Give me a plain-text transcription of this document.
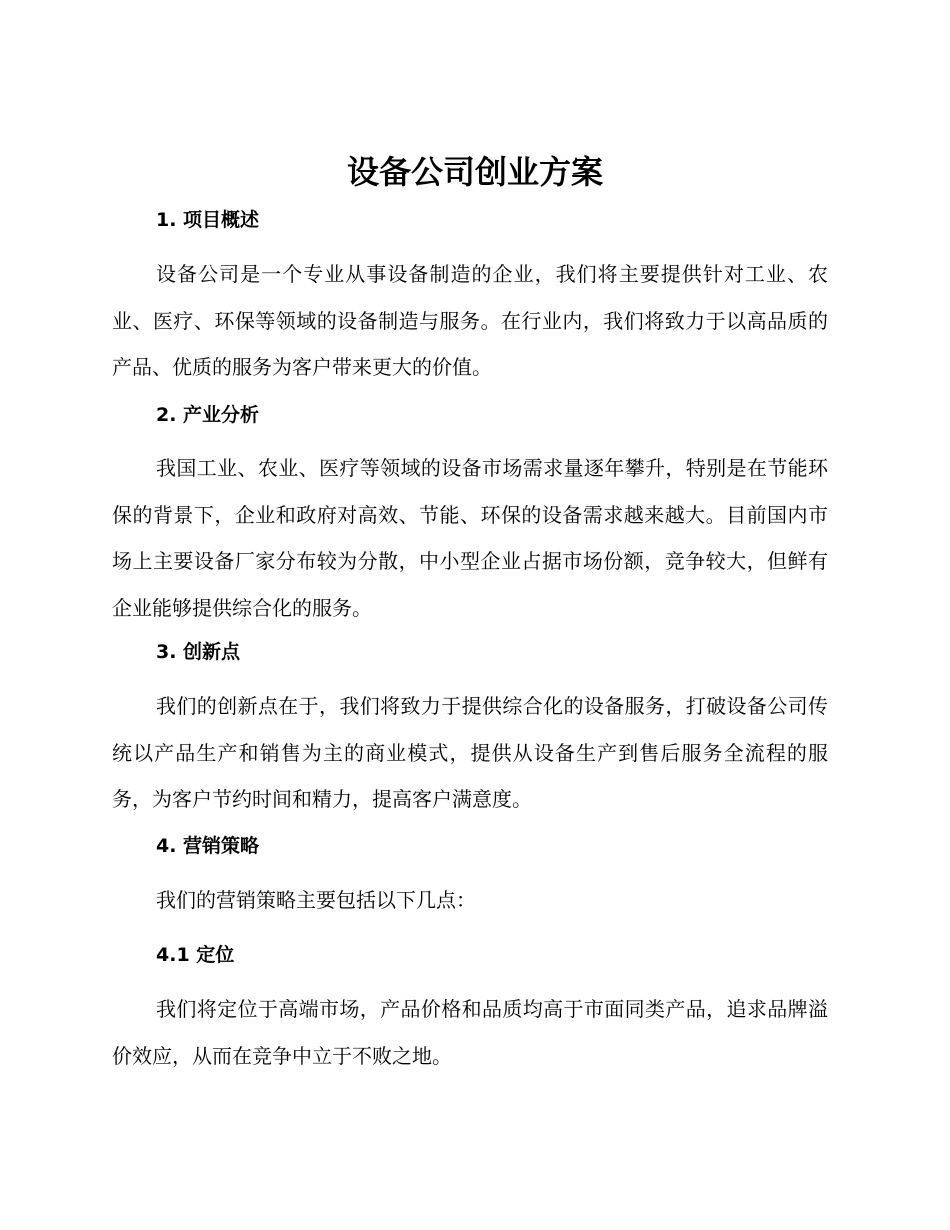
设备公司创业方案
1. 项目概述

设备公司是一个专业从事设备制造的企业，我们将主要提供针对工业、农业、医疗、环保等领域的设备制造与服务。在行业内，我们将致力于以高品质的产品、优质的服务为客户带来更大的价值。

2. 产业分析

我国工业、农业、医疗等领域的设备市场需求量逐年攀升，特别是在节能环保的背景下，企业和政府对高效、节能、环保的设备需求越来越大。目前国内市场上主要设备厂家分布较为分散，中小型企业占据市场份额，竞争较大，但鲜有企业能够提供综合化的服务。

3. 创新点

我们的创新点在于，我们将致力于提供综合化的设备服务，打破设备公司传统以产品生产和销售为主的商业模式，提供从设备生产到售后服务全流程的服务，为客户节约时间和精力，提高客户满意度。

4. 营销策略

我们的营销策略主要包括以下几点：

4.1 定位

我们将定位于高端市场，产品价格和品质均高于市面同类产品，追求品牌溢价效应，从而在竞争中立于不败之地。
